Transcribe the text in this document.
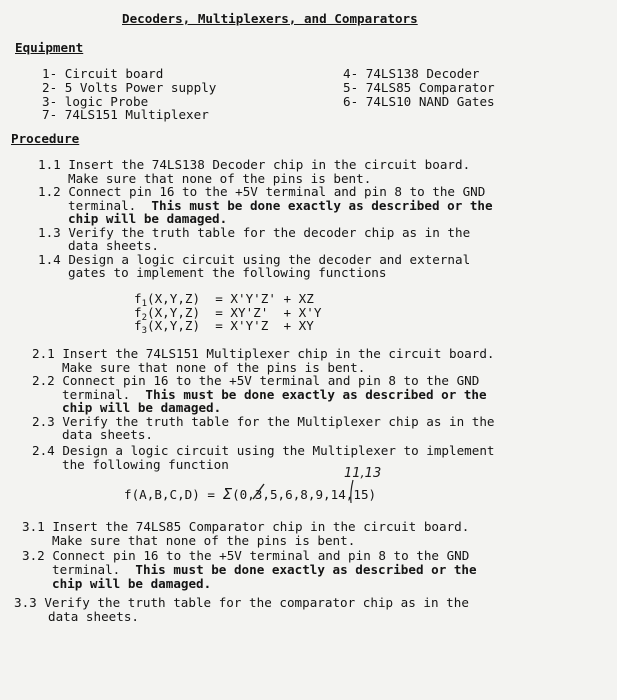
Decoders, Multiplexers, and Comparators
Equipment
1- Circuit board
2- 5 Volts Power supply
3- logic Probe
7- 74LS151 Multiplexer
4- 74LS138 Decoder
5- 74LS85 Comparator
6- 74LS10 NAND Gates
Procedure
1.1 Insert the 74LS138 Decoder chip in the circuit board.
Make sure that none of the pins is bent.
1.2 Connect pin 16 to the +5V terminal and pin 8 to the GND
terminal.  This must be done exactly as described or the
chip will be damaged.
1.3 Verify the truth table for the decoder chip as in the
data sheets.
1.4 Design a logic circuit using the decoder and external
gates to implement the following functions
$f_1(X,Y,Z) = X'Y'Z'$ + XZ
$f_2(X,Y,Z) = XY'Z' + X'Y$
$f_3(X,Y,Z) = X'Y'Z$  + XY
2.1 Insert the 74LS151 Multiplexer chip in the circuit board.
Make sure that none of the pins is bent.
2.2 Connect pin 16 to the +5V terminal and pin 8 to the GND
terminal.  This must be done exactly as described or the
chip will be damaged.
2.3 Verify the truth table for the Multiplexer chip as in the
data sheets.
2.4 Design a logic circuit using the Multiplexer to implement
the following function
11,13
f(A,B,C,D) = Σ(0,3,5,6,8,9,14,15)
3.1 Insert the 74LS85 Comparator chip in the circuit board.
Make sure that none of the pins is bent.
3.2 Connect pin 16 to the +5V terminal and pin 8 to the GND
terminal.  This must be done exactly as described or the
chip will be damaged.
3.3 Verify the truth table for the comparator chip as in the
data sheets.
